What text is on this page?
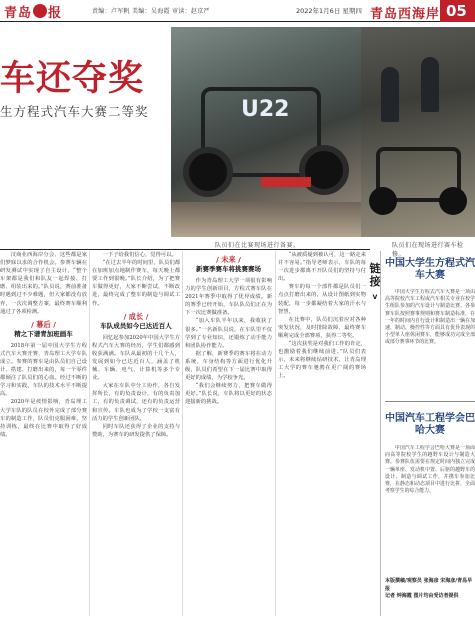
青岛 报	责编：卢军帆 美编：吴海霞 审读：赵京严	2022年1月6日 星期四 青岛西海岸 05
车还夺奖
生方程式汽车大赛二等奖	U22
队员们在比赛现场进行备赛。	队员们在现场进行赛车检修。

汉商业西海岸分会、这些都是家们梦寐以求的合作机会。参赛车辆在研发测试中实现了自主设计，“整个车架都是我们和队友一起焊接、打磨、组装出来的。”队员说，赛前准备时遇到过不少难题，但大家都没有放弃，一次次调整方案，最终赛车顺利通过了各项检测。

/ 幕后 /
精之下谱青加班画车

2018年第一届中国大学生方程式汽车大赛开赛，青岛理工大学车队成立。参赛的赛车是由队员们自己设计、搭建、打磨出来的，每一个零件都倾注了队员们的心血。经过不断的学习和实践，车队的技术水平不断提高。

2020年是疫情影响，青岛理工大学车队的队员在校外完成了部分赛车的制造工作，队员们克服困难，坚持训练，最终在比赛中取得了好成绩。

一下子给我们信心，觉得可以。

“在过去半年的时间里，队员们都在加班加点地制作赛车，每天晚上都要工作到很晚。”队长介绍，为了把赛车做得更好，大家不断尝试，不断改进，最终完成了整车的制造与调试工作。

/ 成长 /
车队成员如今已达近百人

回忆起参加2020年中国大学生方程式汽车大赛的经历，学生们都感到收获满满。车队从最初的十几个人，发展到如今已达近百人，涵盖了机械、车辆、电气、计算机等多个专业。

大家在车队中分工协作，各自发挥所长，有的负责设计，有的负责加工，有的负责调试，还有的负责运营和宣传。车队也成为了学校一支富有活力的学生创新团队。

同时车队还获得了企业的支持与赞助，为赛车的研发提供了保障。

/ 未来 /
新赛季赛车将挑赛赛场

作为青岛理工大学一项很有影响力的学生创新项目，方程式赛车队在2021年赛季中取得了优异成绩。新的赛季已经开始，车队队员们正在为下一次比赛做准备。

“加入车队半年以来，我收获了很多。”一名新队员说，在车队里不仅学到了专业知识，还锻炼了动手能力和团队协作能力。

据了解，新赛季的赛车将在动力系统、车身结构等方面进行优化升级，队员们希望在下一届比赛中取得更好的成绩，为学校争光。

“我们会继续努力，把赛车做得更好。”队长说，车队将以更好的状态迎接新的挑战。

“从被质疑到被认可，这一路走来并不容易。”指导老师表示，车队的每一次进步都离不开队员们的坚持与付出。

赛车的每一个部件都是队员们一点点打磨出来的，从设计图纸到实物装配，每一步都凝结着大家的汗水与智慧。

在比赛中，队员们沉着应对各种突发状况，及时排除故障，最终赛车顺利完成全部赛项，获得二等奖。

“这次获奖是对我们工作的肯定，也激励着我们继续前进。”队员们表示，未来将继续钻研技术，让青岛理工大学的赛车驰骋在更广阔的赛场上。

链接
V
中国大学生方程式汽车大赛

中国大学生方程式汽车大赛是一项由高等院校汽车工程或汽车相关专业在校学生组队参加的汽车设计与制造比赛。各参赛车队按照赛事规则和赛车制造标准，在一年的时间内自行设计和制造出一辆在加速、制动、操控性等方面具有优异表现的小型单人座休闲赛车，能够成功完成全部或部分赛事环节的比赛。

中国汽车工程学会巴哈大赛

中国汽车工程学会巴哈大赛是一项面向高等院校学生的越野车设计与制造大赛。参赛队伍需要在规定时间内独立完成一辆单座、发动机中置、后驱的越野车的设计、制造与调试工作，并携车参加比赛，在静态和动态项目中进行比拼，全面考察学生的综合能力。

本版撰稿/观察员 张海彦 宋海彦/青岛早报
记者 钟海霞 图片均由受访者提供
